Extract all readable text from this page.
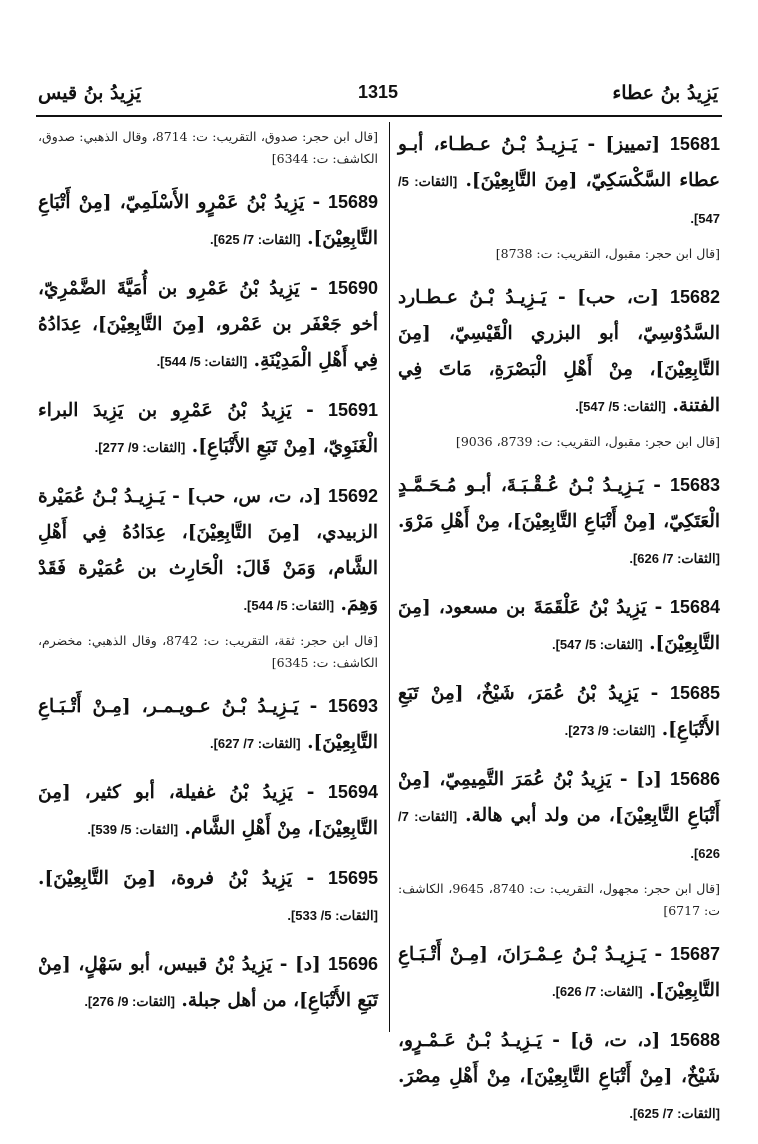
يَزِيدُ بنُ عطاء
1315
يَزِيدُ بنُ قيس

15681 [تمييز] - يَـزِيـدُ بْـنُ عـطـاء، أبـو عطاء السَّكْسَكِيّ، [مِنَ التَّابِعِيْنَ]. [الثقات: 5/ 547].

[قال ابن حجر: مقبول، التقريب: ت: 8738]

15682 [ت، حب] - يَـزِيـدُ بْـنُ عـطـارد السَّدُوْسِيّ، أبو البزري الْقَيْسِيّ، [مِنَ التَّابِعِيْنَ]، مِنْ أَهْلِ الْبَصْرَةِ، مَاتَ فِي الفتنة. [الثقات: 5/ 547].

[قال ابن حجر: مقبول، التقريب: ت: 8739، 9036]

15683 - يَـزِيـدُ بْـنُ عُـقْـبَـةَ، أبـو مُـحَـمَّـدٍ الْعَتَكِيّ، [مِنْ أَتْبَاعِ التَّابِعِيْنَ]، مِنْ أَهْلِ مَرْوَ. [الثقات: 7/ 626].

15684 - يَزِيدُ بْنُ عَلْقَمَةَ بن مسعود، [مِنَ التَّابِعِيْنَ]. [الثقات: 5/ 547].

15685 - يَزِيدُ بْنُ عُمَرَ، شَيْخٌ، [مِنْ تَبَعِ الأَتْبَاعِ]. [الثقات: 9/ 273].

15686 [د] - يَزِيدُ بْنُ عُمَرَ التَّمِيمِيّ، [مِنْ أَتْبَاعِ التَّابِعِيْنَ]، من ولد أبي هالة. [الثقات: 7/ 626].

[قال ابن حجر: مجهول، التقريب: ت: 8740، 9645، الكاشف: ت: 6717]

15687 - يَـزِيـدُ بْـنُ عِـمْـرَانَ، [مِـنْ أَتْـبَـاعِ التَّابِعِيْنَ]. [الثقات: 7/ 626].

15688 [د، ت، ق] - يَـزِيـدُ بْـنُ عَـمْـرٍو، شَيْخٌ، [مِنْ أَتْبَاعِ التَّابِعِيْنَ]، مِنْ أَهْلِ مِصْرَ. [الثقات: 7/ 625].

[قال ابن حجر: صدوق، التقريب: ت: 8714، وقال الذهبي: صدوق، الكاشف: ت: 6344]

15689 - يَزِيدُ بْنُ عَمْرٍو الأَسْلَمِيّ، [مِنْ أَتْبَاعِ التَّابِعِيْنَ]. [الثقات: 7/ 625].

15690 - يَزِيدُ بْنُ عَمْرِو بن أُمَيَّةَ الضَّمْرِيّ، أخو جَعْفَر بن عَمْرو، [مِنَ التَّابِعِيْنَ]، عِدَادُهُ فِي أَهْلِ الْمَدِيْنَةِ. [الثقات: 5/ 544].

15691 - يَزِيدُ بْنُ عَمْرِو بن يَزِيدَ البراء الْغَنَوِيّ، [مِنْ تَبَعِ الأَتْبَاعِ]. [الثقات: 9/ 277].

15692 [د، ت، س، حب] - يَـزِيـدُ بْـنُ عُمَيْرة الزبيدي، [مِنَ التَّابِعِيْنَ]، عِدَادُهُ فِي أَهْلِ الشَّام، وَمَنْ قَالَ: الْحَارِث بن عُمَيْرة فَقَدْ وَهِمَ. [الثقات: 5/ 544].

[قال ابن حجر: ثقة، التقريب: ت: 8742، وقال الذهبي: مخضرم، الكاشف: ت: 6345]

15693 - يَـزِيـدُ بْـنُ عـويـمـر، [مِـنْ أَتْـبَـاعِ التَّابِعِيْنَ]. [الثقات: 7/ 627].

15694 - يَزِيدُ بْنُ غفيلة، أبو كثير، [مِنَ التَّابِعِيْنَ]، مِنْ أَهْلِ الشَّام. [الثقات: 5/ 539].

15695 - يَزِيدُ بْنُ فروة، [مِنَ التَّابِعِيْنَ]. [الثقات: 5/ 533].

15696 [د] - يَزِيدُ بْنُ قبيس، أبو سَهْلٍ، [مِنْ تَبَعِ الأَتْبَاعِ]، من أهل جبلة. [الثقات: 9/ 276].
